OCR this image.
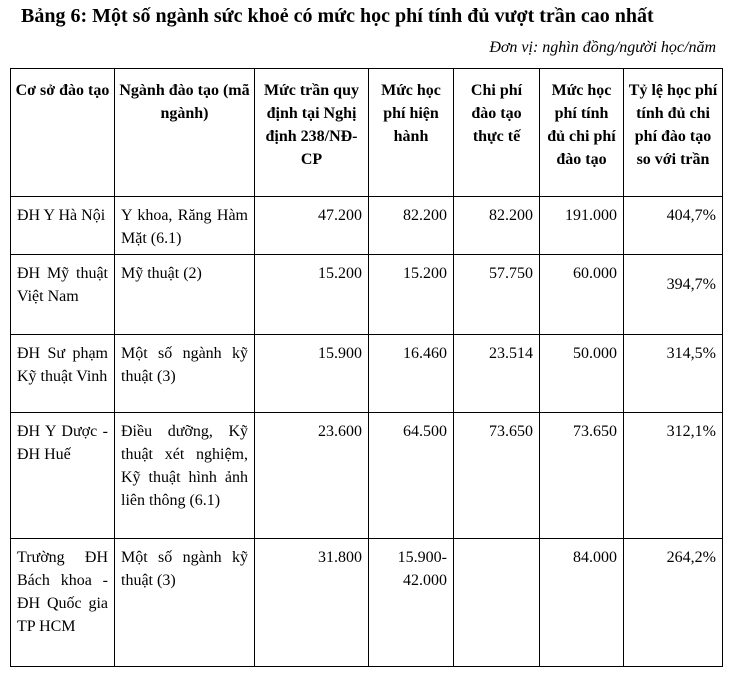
Bảng 6: Một số ngành sức khoẻ có mức học phí tính đủ vượt trần cao nhất
Đơn vị: nghìn đồng/người học/năm
Cơ sở đào tạo	Ngành đào tạo (mã ngành)	Mức trần quy định tại Nghị định 238/NĐ-CP	Mức học phí hiện hành	Chi phí đào tạo thực tế	Mức học phí tính đủ chi phí đào tạo	Tỷ lệ học phí tính đủ chi phí đào tạo so với trần
ĐH Y Hà Nội	Y khoa, Răng Hàm Mặt (6.1)	47.200	82.200	82.200	191.000	404,7%
ĐH Mỹ thuật Việt Nam	Mỹ thuật (2)	15.200	15.200	57.750	60.000	394,7%
ĐH Sư phạm Kỹ thuật Vinh	Một số ngành kỹ thuật (3)	15.900	16.460	23.514	50.000	314,5%
ĐH Y Dược - ĐH Huế	Điều dưỡng, Kỹ thuật xét nghiệm, Kỹ thuật hình ảnh liên thông (6.1)	23.600	64.500	73.650	73.650	312,1%
Trường ĐH Bách khoa - ĐH Quốc gia TP HCM	Một số ngành kỹ thuật (3)	31.800	15.900-42.000		84.000	264,2%
